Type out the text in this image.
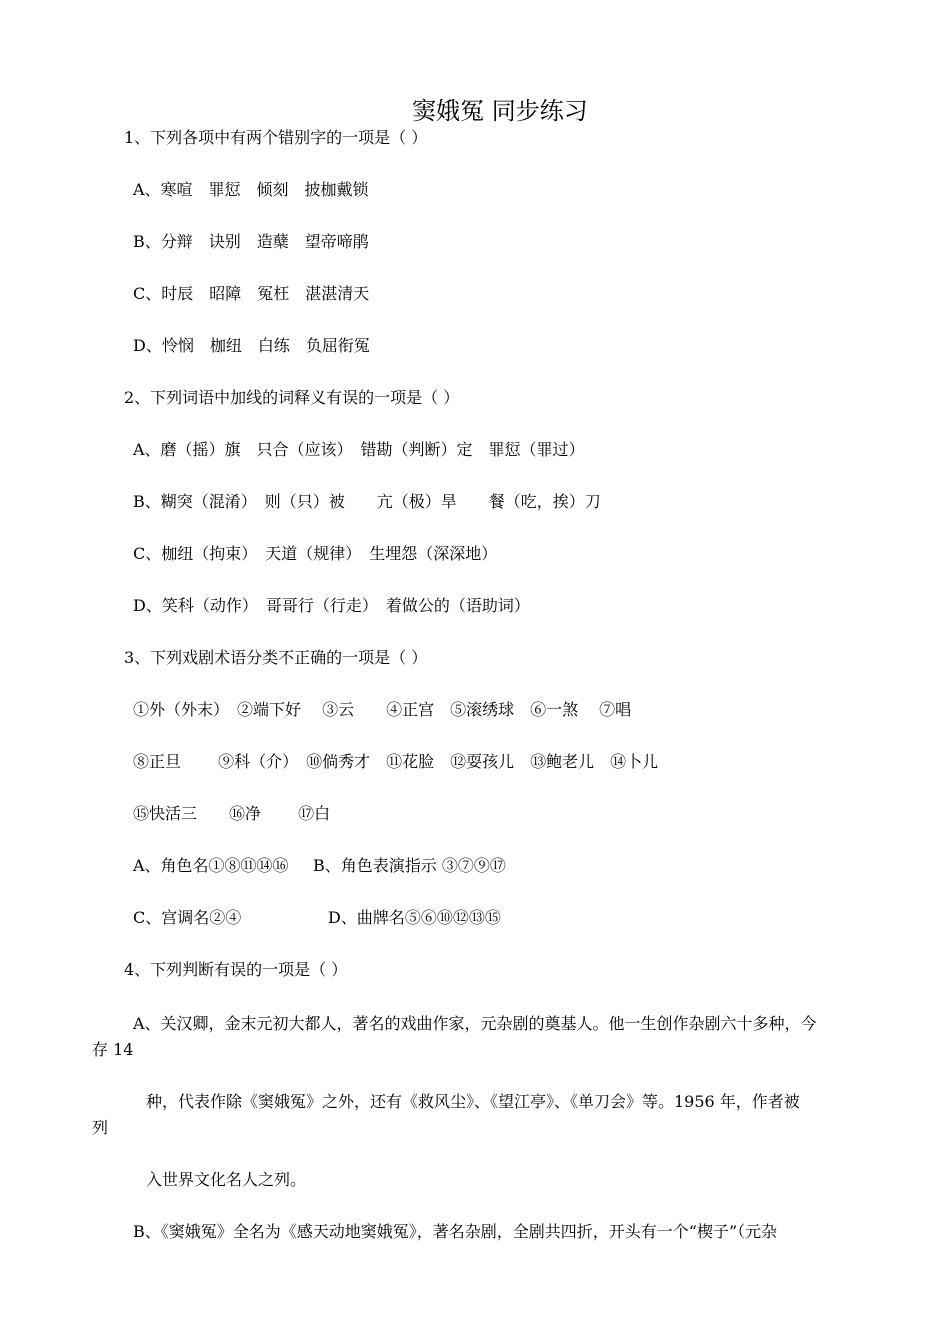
窦娥冤 同步练习
1、下列各项中有两个错别字的一项是（ ）
A、寒喧　罪愆　倾刻　披枷戴锁
B、分辩　诀别　造蘖　望帝啼鹃
C、时辰　昭障　冤枉　湛湛清天
D、怜悯　枷纽　白练　负屈衔冤
2、下列词语中加线的词释义有误的一项是（ ）
A、磨（摇）旗　只合（应该）　错勘（判断）定　罪愆（罪过）
B、糊突（混淆）　则（只）被　　亢（极）旱　　餐（吃，挨）刀
C、枷纽（拘束）　天道（规律）　生埋怨（深深地）
D、笑科（动作）　哥哥行（行走）　着做公的（语助词）
3、下列戏剧术语分类不正确的一项是（ ）
①外（外末）　②端下好　 ③云　　④正宫　⑤滚绣球　⑥一煞　 ⑦唱
⑧正旦　　 ⑨科（介）　⑩倘秀才　⑪花脸　⑫耍孩儿　⑬鲍老儿　⑭卜儿
⑮快活三　　⑯净　　 ⑰白
A、角色名①⑧⑪⑭⑯ B、角色表演指示 ③⑦⑨⑰
C、宫调名②④	D、曲牌名⑤⑥⑩⑫⑬⑮
4、下列判断有误的一项是（ ）
A、关汉卿，金末元初大都人，著名的戏曲作家，元杂剧的奠基人。他一生创作杂剧六十多种，今
存 14
种，代表作除《窦娥冤》之外，还有《救风尘》、《望江亭》、《单刀会》等。1956 年，作者被
列
入世界文化名人之列。
B、《窦娥冤》全名为《感天动地窦娥冤》，著名杂剧，全剧共四折，开头有一个“楔子”（元杂
